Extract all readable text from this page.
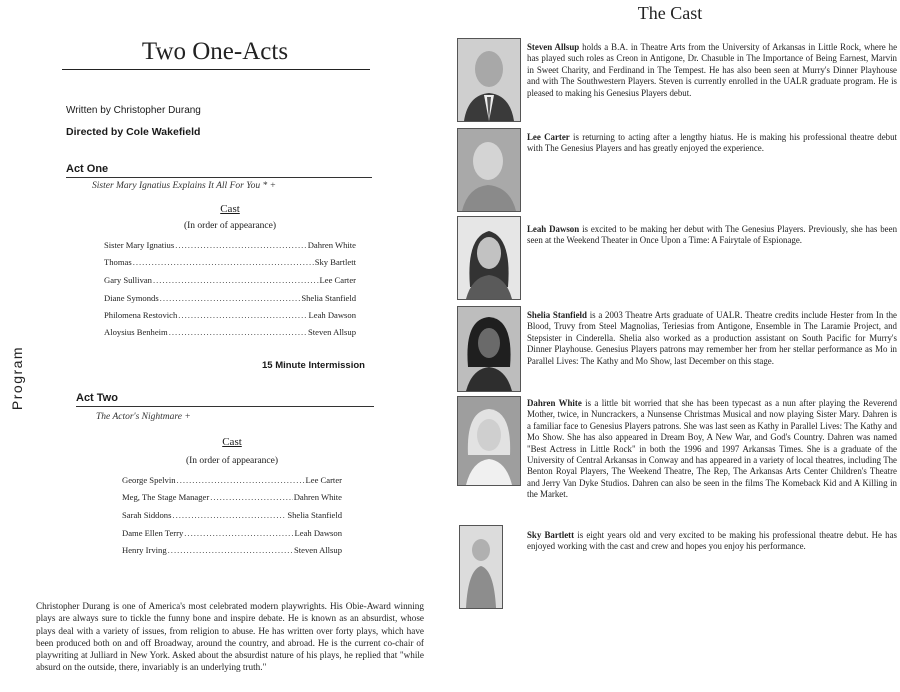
Program
Two One-Acts
Written by Christopher Durang
Directed by Cole Wakefield
Act One
Sister Mary Ignatius Explains It All For You * +
Cast
(In order of appearance)
Sister Mary Ignatius .....	Dahren White
Thomas .....	Sky Bartlett
Gary Sullivan .....	Lee Carter
Diane Symonds .....	Shelia Stanfield
Philomena Restovich .....	Leah Dawson
Aloysius Benheim .....	Steven Allsup
15 Minute Intermission
Act Two
The Actor's Nightmare +
Cast
(In order of appearance)
George Spelvin .....	Lee Carter
Meg, The Stage Manager .....	Dahren White
Sarah Siddons .....	Shelia Stanfield
Dame Ellen Terry .....	Leah Dawson
Henry Irving .....	Steven Allsup
Christopher Durang is one of America's most celebrated modern playwrights. His Obie-Award winning plays are always sure to tickle the funny bone and inspire debate. He is known as an absurdist, whose plays deal with a variety of issues, from religion to abuse. He has written over forty plays, which have been produced both on and off Broadway, around the country, and abroad. He is the current co-chair of playwriting at Julliard in New York. Asked about the absurdist nature of his plays, he replied that "while absurd on the outside, there, invariably is an underlying truth."
The Cast
Steven Allsup holds a B.A. in Theatre Arts from the University of Arkansas in Little Rock, where he has played such roles as Creon in Antigone, Dr. Chasuble in The Importance of Being Earnest, Marvin in Sweet Charity, and Ferdinand in The Tempest. He has also been seen at Murry's Dinner Playhouse and with The Southwestern Players. Steven is currently enrolled in the UALR graduate program. He is pleased to making his Genesius Players debut.
Lee Carter is returning to acting after a lengthy hiatus. He is making his professional theatre debut with The Genesius Players and has greatly enjoyed the experience.
Leah Dawson is excited to be making her debut with The Genesius Players. Previously, she has been seen at the Weekend Theater in Once Upon a Time: A Fairytale of Espionage.
Shelia Stanfield is a 2003 Theatre Arts graduate of UALR. Theatre credits include Hester from In the Blood, Truvy from Steel Magnolias, Teriesias from Antigone, Ensemble in The Laramie Project, and Stepsister in Cinderella. Shelia also worked as a production assistant on South Pacific for Murry's Dinner Playhouse. Genesius Players patrons may remember her from her stellar performance as Mo in Parallel Lives: The Kathy and Mo Show, last December on this stage.
Dahren White is a little bit worried that she has been typecast as a nun after playing the Reverend Mother, twice, in Nuncrackers, a Nunsense Christmas Musical and now playing Sister Mary. Dahren is a familiar face to Genesius Players patrons. She was last seen as Kathy in Parallel Lives: The Kathy and Mo Show. She has also appeared in Dream Boy, A New War, and God's Country. Dahren was named "Best Actress in Little Rock" in both the 1996 and 1997 Arkansas Times. She is a graduate of the University of Central Arkansas in Conway and has appeared in a variety of local theatres, including The Benton Royal Players, The Weekend Theatre, The Rep, The Arkansas Arts Center Children's Theatre and Jerry Van Dyke Studios. Dahren can also be seen in the films The Komeback Kid and A Killing in the Market.
Sky Bartlett is eight years old and very excited to be making his professional theatre debut. He has enjoyed working with the cast and crew and hopes you enjoy his performance.
